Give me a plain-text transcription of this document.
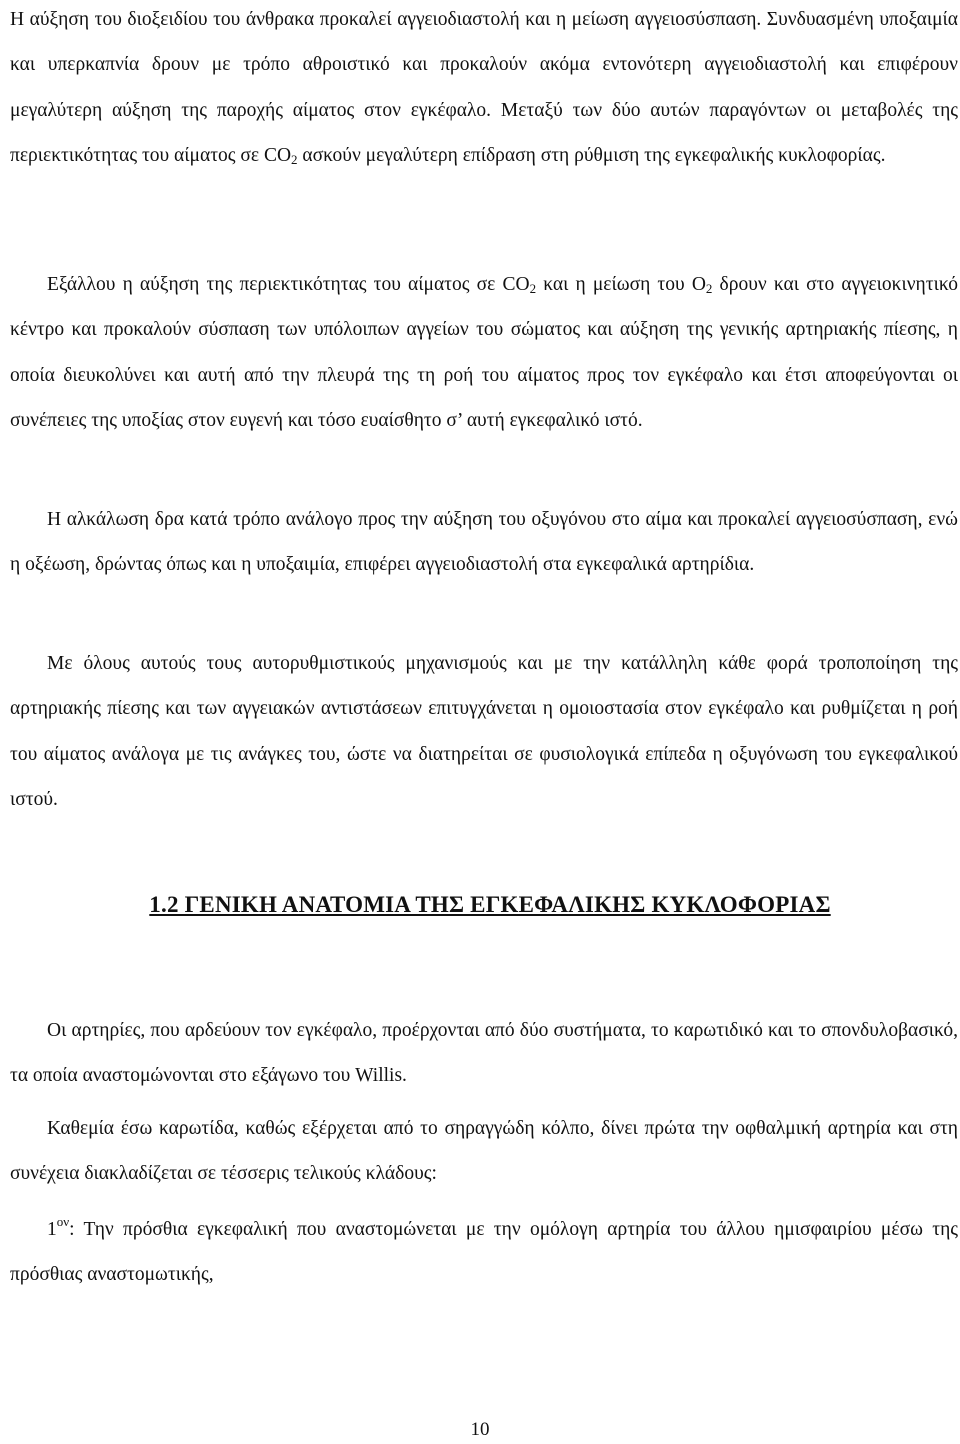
Η αύξηση του διοξειδίου του άνθρακα προκαλεί αγγειοδιαστολή και η μείωση αγγειοσύσπαση. Συνδυασμένη υποξαιμία και υπερκαπνία δρουν με τρόπο αθροιστικό και προκαλούν ακόμα εντονότερη αγγειοδιαστολή και επιφέρουν μεγαλύτερη αύξηση της παροχής αίματος στον εγκέφαλο. Μεταξύ των δύο αυτών παραγόντων οι μεταβολές της περιεκτικότητας του αίματος σε $CO_2$ ασκούν μεγαλύτερη επίδραση στη ρύθμιση της εγκεφαλικής κυκλοφορίας.

Εξάλλου η αύξηση της περιεκτικότητας του αίματος σε $CO_2$ και η μείωση του $O_2$ δρουν και στο αγγειοκινητικό κέντρο και προκαλούν σύσπαση των υπόλοιπων αγγείων του σώματος και αύξηση της γενικής αρτηριακής πίεσης, η οποία διευκολύνει και αυτή από την πλευρά της τη ροή του αίματος προς τον εγκέφαλο και έτσι αποφεύγονται οι συνέπειες της υποξίας στον ευγενή και τόσο ευαίσθητο σ’ αυτή εγκεφαλικό ιστό.

Η αλκάλωση δρα κατά τρόπο ανάλογο προς την αύξηση του οξυγόνου στο αίμα και προκαλεί αγγειοσύσπαση, ενώ η οξέωση, δρώντας όπως και η υποξαιμία, επιφέρει αγγειοδιαστολή στα εγκεφαλικά αρτηρίδια.

Με όλους αυτούς τους αυτορυθμιστικούς μηχανισμούς και με την κατάλληλη κάθε φορά τροποποίηση της αρτηριακής πίεσης και των αγγειακών αντιστάσεων επιτυγχάνεται η ομοιοστασία στον εγκέφαλο και ρυθμίζεται η ροή του αίματος ανάλογα με τις ανάγκες του, ώστε να διατηρείται σε φυσιολογικά επίπεδα η οξυγόνωση του εγκεφαλικού ιστού.

1.2 ΓΕΝΙΚΗ ΑΝΑΤΟΜΙΑ ΤΗΣ ΕΓΚΕΦΑΛΙΚΗΣ ΚΥΚΛΟΦΟΡΙΑΣ

Οι αρτηρίες, που αρδεύουν τον εγκέφαλο, προέρχονται από δύο συστήματα, το καρωτιδικό και το σπονδυλοβασικό, τα οποία αναστομώνονται στο εξάγωνο του Willis.

Καθεμία έσω καρωτίδα, καθώς εξέρχεται από το σηραγγώδη κόλπο, δίνει πρώτα την οφθαλμική αρτηρία και στη συνέχεια διακλαδίζεται σε τέσσερις τελικούς κλάδους:

$1^{o\nu}$: Την πρόσθια εγκεφαλική που αναστομώνεται με την ομόλογη αρτηρία του άλλου ημισφαιρίου μέσω της πρόσθιας αναστομωτικής,

10
